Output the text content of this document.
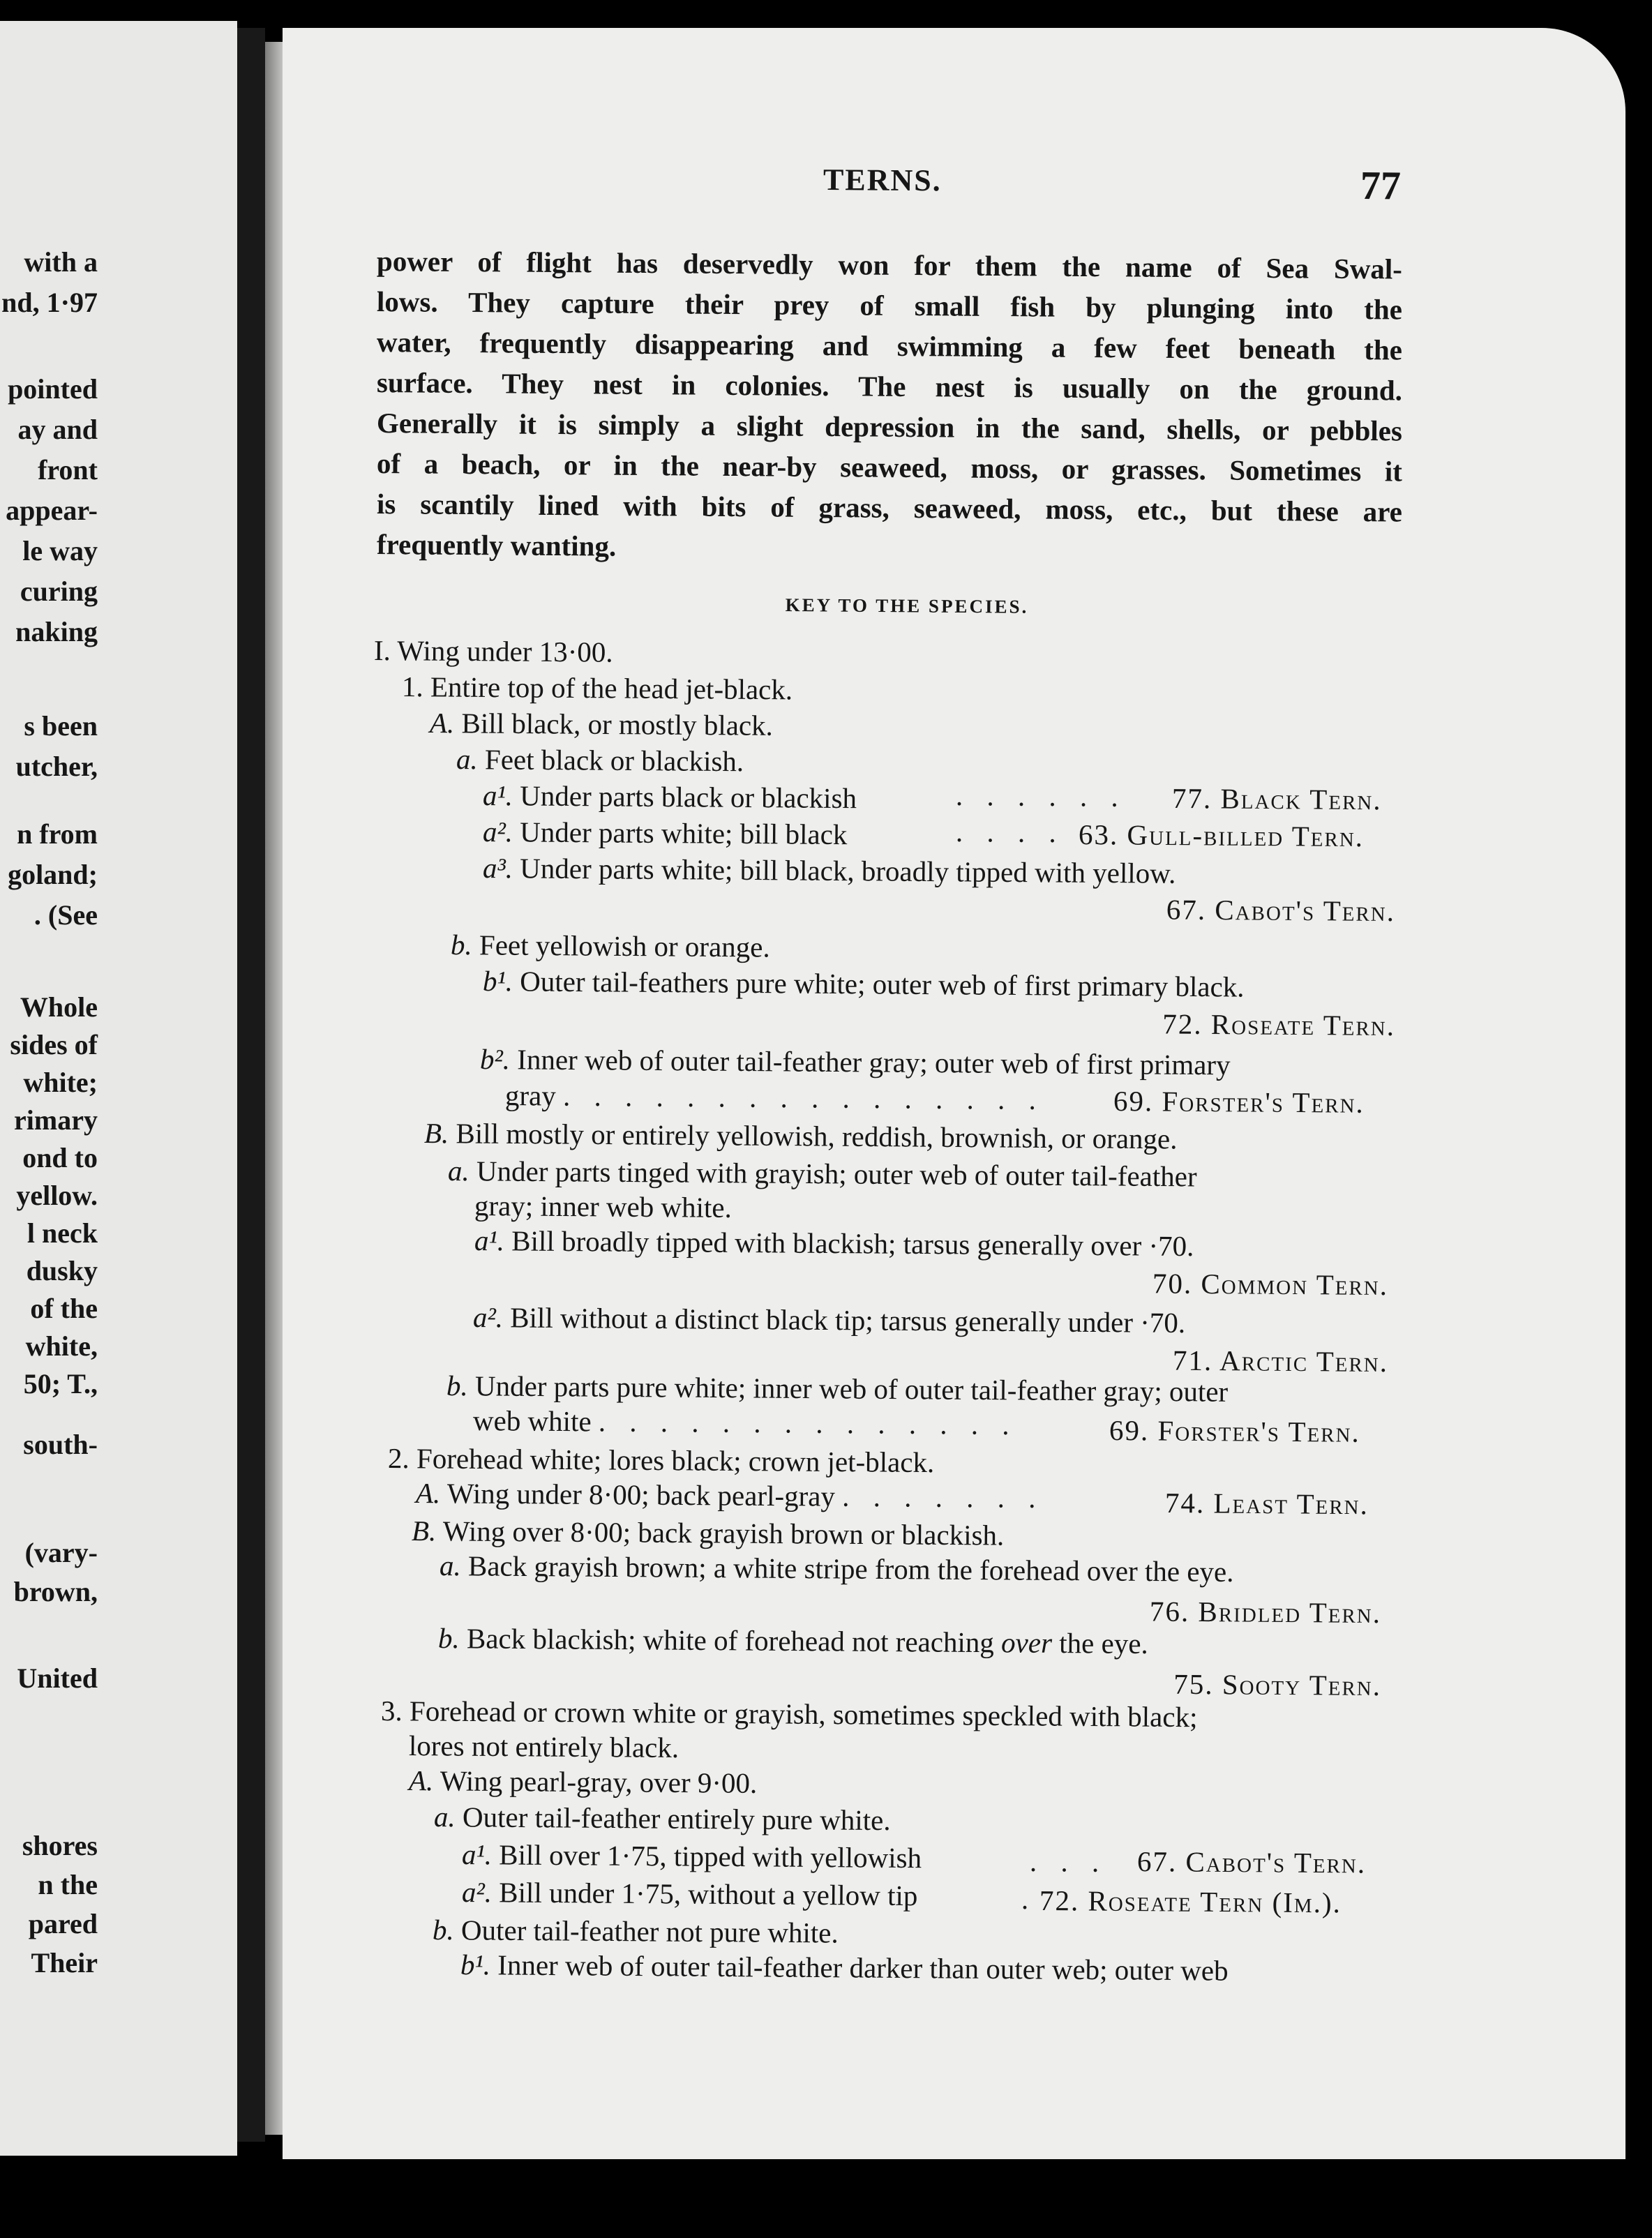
with a
nd, 1·97
pointed
ay and
front
appear-
le way
curing
naking
s been
utcher,
n from
goland;
. (See
Whole
sides of
white;
rimary
ond to
yellow.
l neck
dusky
of the
white,
50; T.,
south-
(vary-
brown,
United
shores
n the
pared
Their
TERNS.	77
power of flight has deservedly won for them the name of Sea Swal-
lows. They capture their prey of small fish by plunging into the
water, frequently disappearing and swimming a few feet beneath the
surface. They nest in colonies. The nest is usually on the ground.
Generally it is simply a slight depression in the sand, shells, or pebbles
of a beach, or in the near-by seaweed, moss, or grasses. Sometimes it
is scantily lined with bits of grass, seaweed, moss, etc., but these are
frequently wanting.
KEY TO THE SPECIES.
I. Wing under 13·00.
1. Entire top of the head jet-black.
A. Bill black, or mostly black.
a. Feet black or blackish.
a¹. Under parts black or blackish	. . . . . . 77. Black Tern.
a². Under parts white; bill black	. . . . 63. Gull-billed Tern.
a³. Under parts white; bill black, broadly tipped with yellow.
67. Cabot's Tern.
b. Feet yellowish or orange.
b¹. Outer tail-feathers pure white; outer web of first primary black.
72. Roseate Tern.
b². Inner web of outer tail-feather gray; outer web of first primary
gray . . . . . . . . . . . . . . . . 69. Forster's Tern.
B. Bill mostly or entirely yellowish, reddish, brownish, or orange.
a. Under parts tinged with grayish; outer web of outer tail-feather
gray; inner web white.
a¹. Bill broadly tipped with blackish; tarsus generally over ·70.
70. Common Tern.
a². Bill without a distinct black tip; tarsus generally under ·70.
71. Arctic Tern.
b. Under parts pure white; inner web of outer tail-feather gray; outer
web white . . . . . . . . . . . . . .	69. Forster's Tern.
2. Forehead white; lores black; crown jet-black.
A. Wing under 8·00; back pearl-gray . . . . . . .	74. Least Tern.
B. Wing over 8·00; back grayish brown or blackish.
a. Back grayish brown; a white stripe from the forehead over the eye.
76. Bridled Tern.
b. Back blackish; white of forehead not reaching over the eye.
75. Sooty Tern.
3. Forehead or crown white or grayish, sometimes speckled with black;
lores not entirely black.
A. Wing pearl-gray, over 9·00.
a. Outer tail-feather entirely pure white.
a¹. Bill over 1·75, tipped with yellowish	. . . 67. Cabot's Tern.
a². Bill under 1·75, without a yellow tip	. 72. Roseate Tern (Im.).
b. Outer tail-feather not pure white.
b¹. Inner web of outer tail-feather darker than outer web; outer web
